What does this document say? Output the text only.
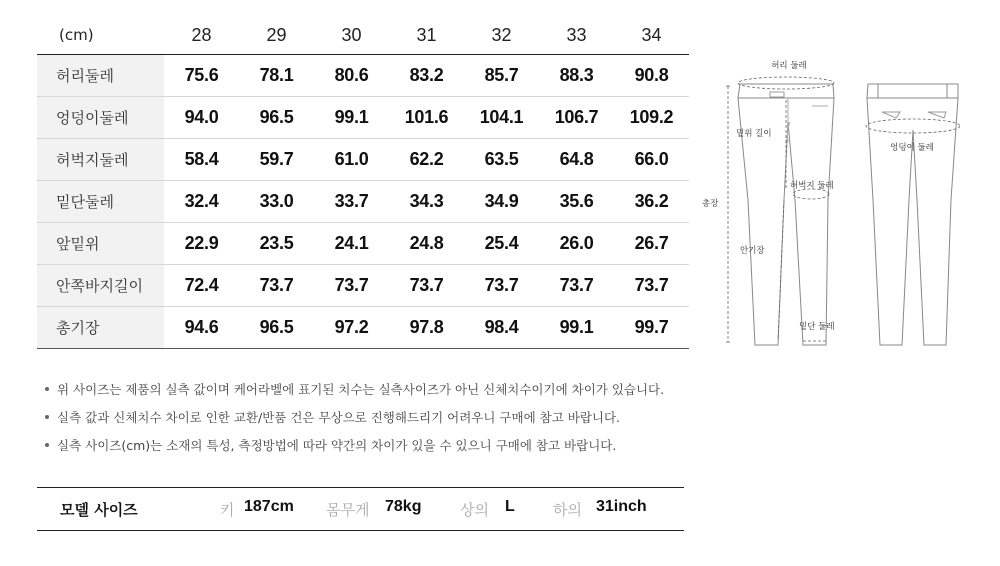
(cm)	28	29	30	31	32	33	34
허리둘레	75.6	78.1	80.6	83.2	85.7	88.3	90.8
엉덩이둘레	94.0	96.5	99.1	101.6	104.1	106.7	109.2
허벅지둘레	58.4	59.7	61.0	62.2	63.5	64.8	66.0
밑단둘레	32.4	33.0	33.7	34.3	34.9	35.6	36.2
앞밑위	22.9	23.5	24.1	24.8	25.4	26.0	26.7
안쪽바지길이	72.4	73.7	73.7	73.7	73.7	73.7	73.7
총기장	94.6	96.5	97.2	97.8	98.4	99.1	99.7
허리 둘레
밑위 길이
허벅지 둘레
총장
안기장
밑단 둘레
엉덩이 둘레
위 사이즈는 제품의 실측 값이며 케어라벨에 표기된 치수는 실측사이즈가 아닌 신체치수이기에 차이가 있습니다.
실측 값과 신체치수 차이로 인한 교환/반품 건은 무상으로 진행해드리기 어려우니 구매에 참고 바랍니다.
실측 사이즈(cm)는 소재의 특성, 측정방법에 따라 약간의 차이가 있을 수 있으니 구매에 참고 바랍니다.
모델 사이즈	키 187cm 몸무게 78kg	상의 L	하의 31inch
